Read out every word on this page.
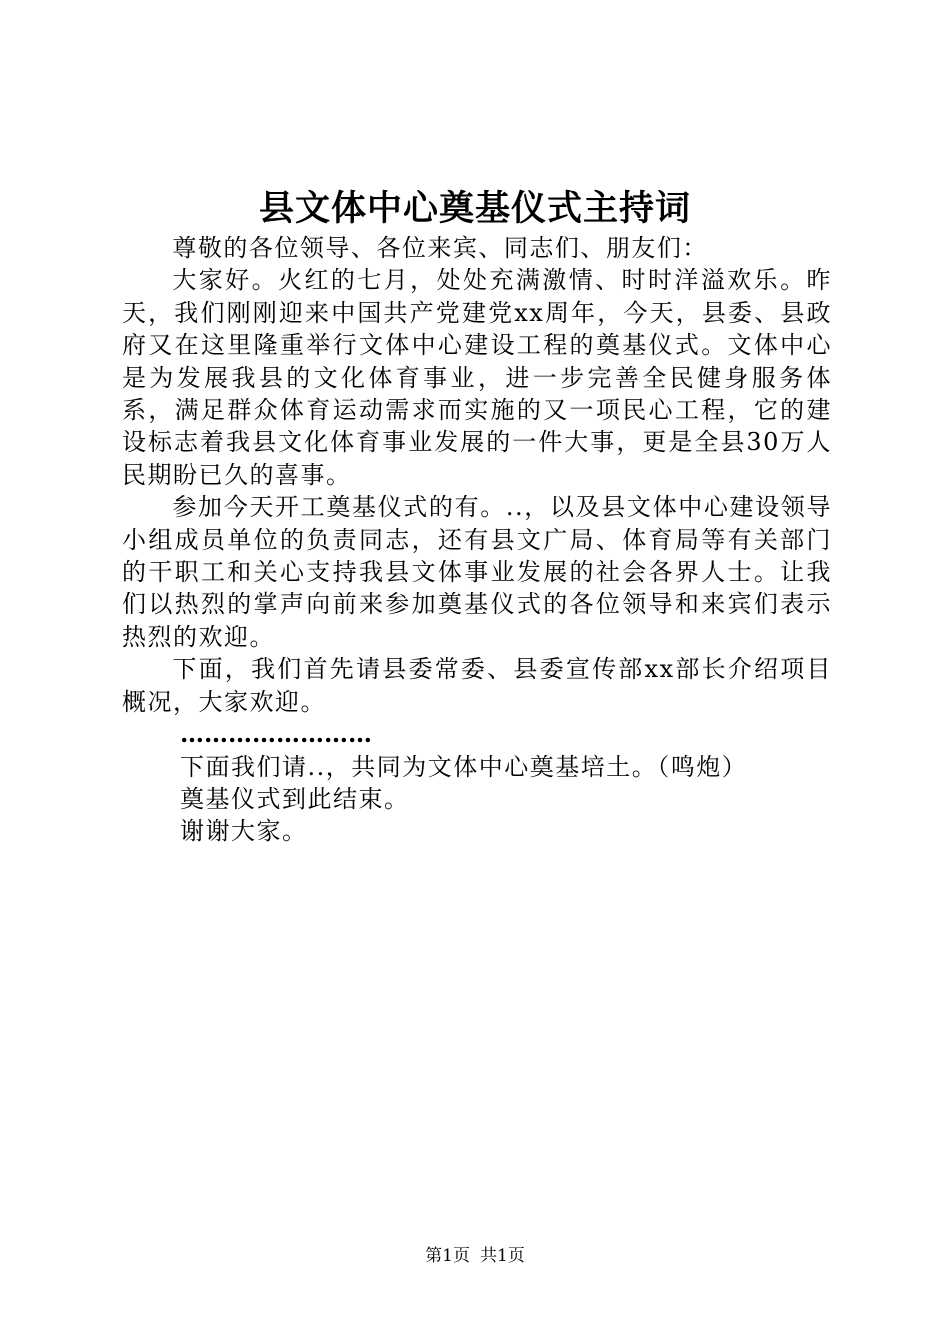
县文体中心奠基仪式主持词

尊敬的各位领导、各位来宾、同志们、朋友们：

大家好。火红的七月，处处充满激情、时时洋溢欢乐。昨天，我们刚刚迎来中国共产党建党xx周年，今天，县委、县政府又在这里隆重举行文体中心建设工程的奠基仪式。文体中心是为发展我县的文化体育事业，进一步完善全民健身服务体系，满足群众体育运动需求而实施的又一项民心工程，它的建设标志着我县文化体育事业发展的一件大事，更是全县30万人民期盼已久的喜事。

参加今天开工奠基仪式的有。..，以及县文体中心建设领导小组成员单位的负责同志，还有县文广局、体育局等有关部门的干职工和关心支持我县文体事业发展的社会各界人士。让我们以热烈的掌声向前来参加奠基仪式的各位领导和来宾们表示热烈的欢迎。

下面，我们首先请县委常委、县委宣传部xx部长介绍项目概况，大家欢迎。

……………………

下面我们请..，共同为文体中心奠基培土。（鸣炮）

奠基仪式到此结束。

谢谢大家。

第1页 共1页
